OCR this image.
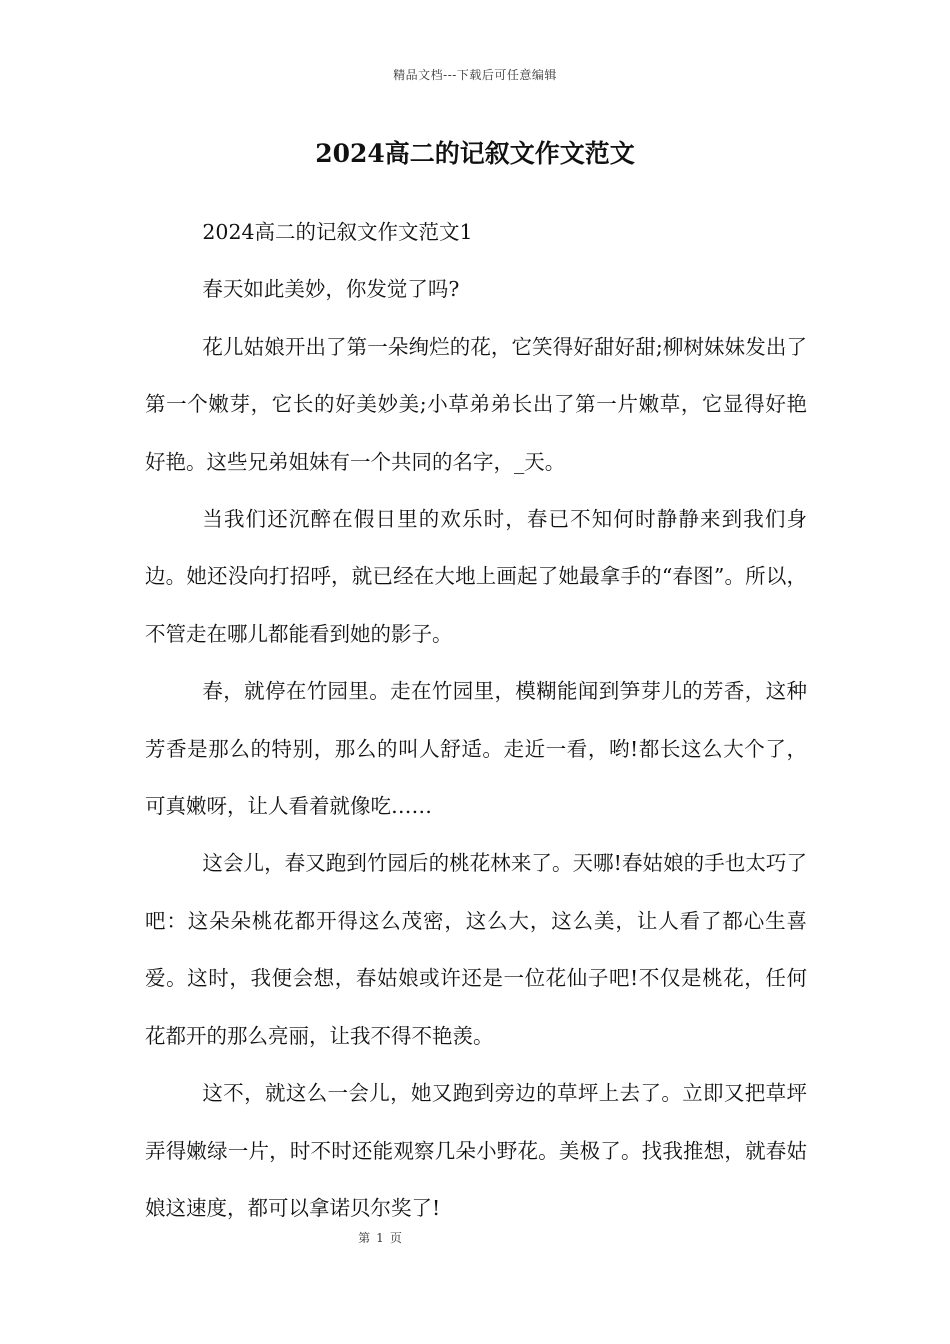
精品文档---下载后可任意编辑
2024高二的记叙文作文范文

2024高二的记叙文作文范文1

春天如此美妙，你发觉了吗?

花儿姑娘开出了第一朵绚烂的花，它笑得好甜好甜;柳树妹妹发出了第一个嫩芽，它长的好美妙美;小草弟弟长出了第一片嫩草，它显得好艳好艳。这些兄弟姐妹有一个共同的名字，_天。

当我们还沉醉在假日里的欢乐时，春已不知何时静静来到我们身边。她还没向打招呼，就已经在大地上画起了她最拿手的“春图”。所以，不管走在哪儿都能看到她的影子。

春，就停在竹园里。走在竹园里，模糊能闻到笋芽儿的芳香，这种芳香是那么的特别，那么的叫人舒适。走近一看，哟!都长这么大个了，可真嫩呀，让人看着就像吃……

这会儿，春又跑到竹园后的桃花林来了。天哪!春姑娘的手也太巧了吧：这朵朵桃花都开得这么茂密，这么大，这么美，让人看了都心生喜爱。这时，我便会想，春姑娘或许还是一位花仙子吧!不仅是桃花，任何花都开的那么亮丽，让我不得不艳羡。

这不，就这么一会儿，她又跑到旁边的草坪上去了。立即又把草坪弄得嫩绿一片，时不时还能观察几朵小野花。美极了。找我推想，就春姑娘这速度，都可以拿诺贝尔奖了!

第 1 页
